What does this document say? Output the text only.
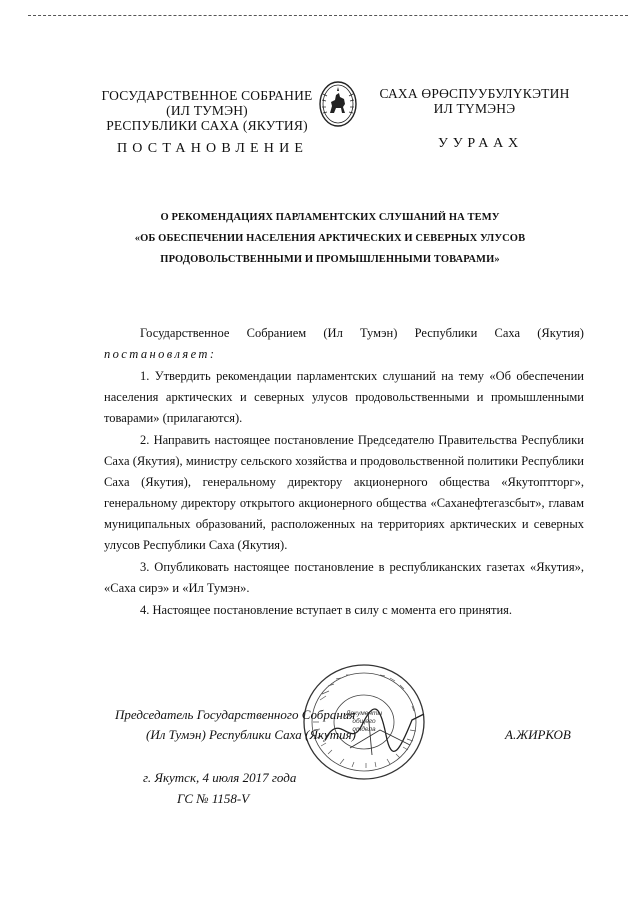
ГОСУДАРСТВЕННОЕ СОБРАНИЕ
(ИЛ ТУМЭН)
РЕСПУБЛИКИ САХА (ЯКУТИЯ)
САХА ӨРӨСПУУБУЛҮКЭТИН
ИЛ ТҮМЭНЭ
ПОСТАНОВЛЕНИЕ	УУРААХ
О РЕКОМЕНДАЦИЯХ ПАРЛАМЕНТСКИХ СЛУШАНИЙ НА ТЕМУ
«ОБ ОБЕСПЕЧЕНИИ НАСЕЛЕНИЯ АРКТИЧЕСКИХ И СЕВЕРНЫХ УЛУСОВ
ПРОДОВОЛЬСТВЕННЫМИ И ПРОМЫШЛЕННЫМИ ТОВАРАМИ»
Государственное Собранием (Ил Тумэн) Республики Саха (Якутия)

постановляет:

1. Утвердить рекомендации парламентских слушаний на тему «Об обеспечении населения арктических и северных улусов продовольственными и промышленными товарами» (прилагаются).

2. Направить настоящее постановление Председателю Правительства Республики Саха (Якутия), министру сельского хозяйства и продовольственной политики Республики Саха (Якутия), генеральному директору акционерного общества «Якутоптторг», генеральному директору открытого акционерного общества «Саханефтегазсбыт», главам муниципальных образований, расположенных на территориях арктических и северных улусов Республики Саха (Якутия).

3. Опубликовать настоящее постановление в республиканских газетах «Якутия», «Саха сирэ» и «Ил Тумэн».

4. Настоящее постановление вступает в силу с момента его принятия.

Документы
общего
отдела
Председатель Государственного Собрания
(Ил Тумэн) Республики Саха (Якутия)	А.ЖИРКОВ
г. Якутск, 4 июля 2017 года
ГС № 1158-V
